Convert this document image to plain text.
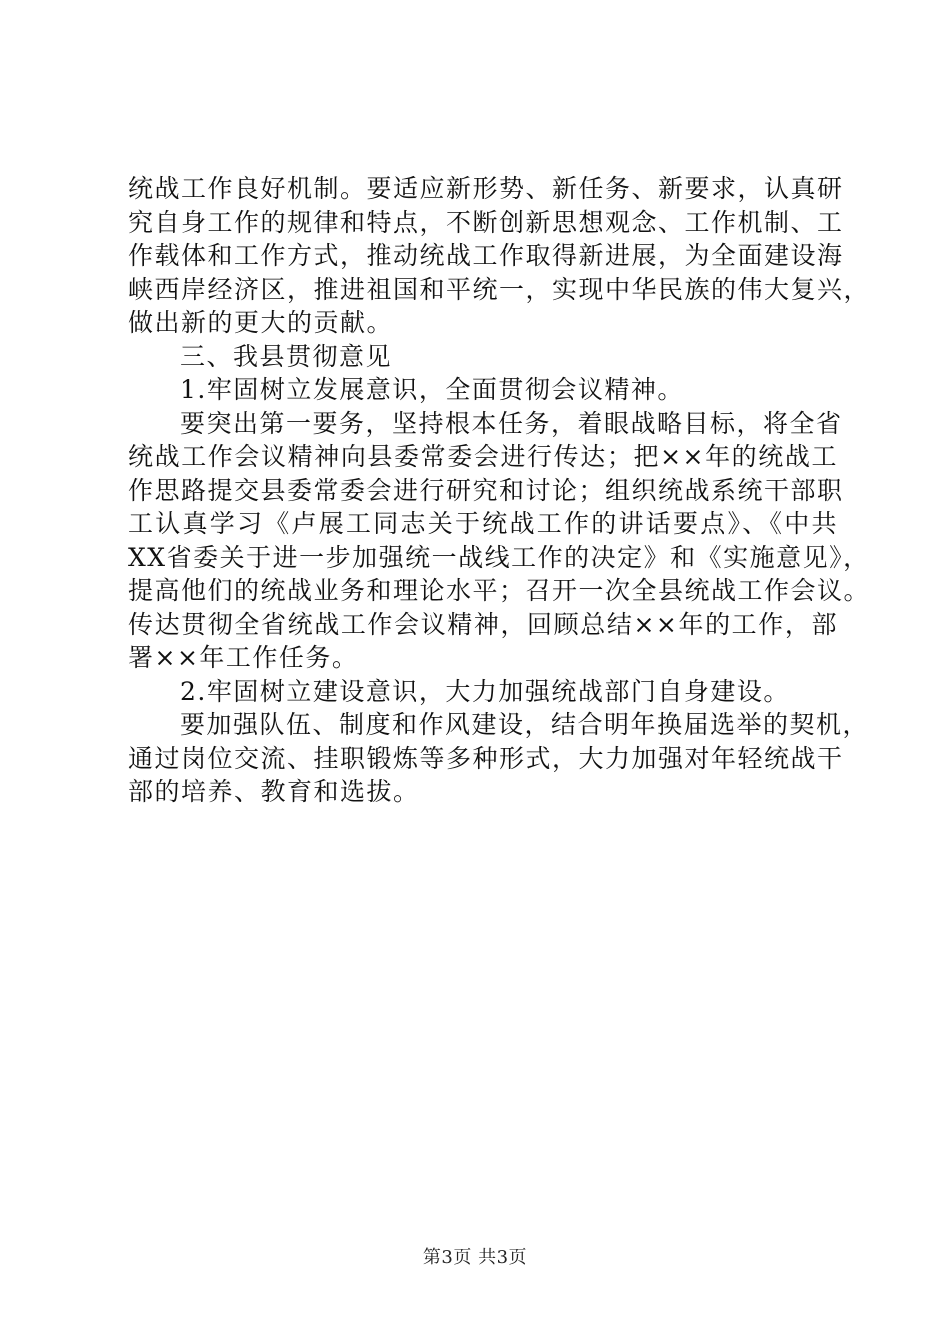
统战工作良好机制。要适应新形势、新任务、新要求，认真研
究自身工作的规律和特点，不断创新思想观念、工作机制、工
作载体和工作方式，推动统战工作取得新进展，为全面建设海
峡西岸经济区，推进祖国和平统一，实现中华民族的伟大复兴，
做出新的更大的贡献。
三、我县贯彻意见
1.牢固树立发展意识，全面贯彻会议精神。
要突出第一要务，坚持根本任务，着眼战略目标，将全省
统战工作会议精神向县委常委会进行传达；把××年的统战工
作思路提交县委常委会进行研究和讨论；组织统战系统干部职
工认真学习《卢展工同志关于统战工作的讲话要点》、《中共
XX省委关于进一步加强统一战线工作的决定》和《实施意见》，
提高他们的统战业务和理论水平；召开一次全县统战工作会议。
传达贯彻全省统战工作会议精神，回顾总结××年的工作，部
署××年工作任务。
2.牢固树立建设意识，大力加强统战部门自身建设。
要加强队伍、制度和作风建设，结合明年换届选举的契机，
通过岗位交流、挂职锻炼等多种形式，大力加强对年轻统战干
部的培养、教育和选拔。
第3页 共3页
